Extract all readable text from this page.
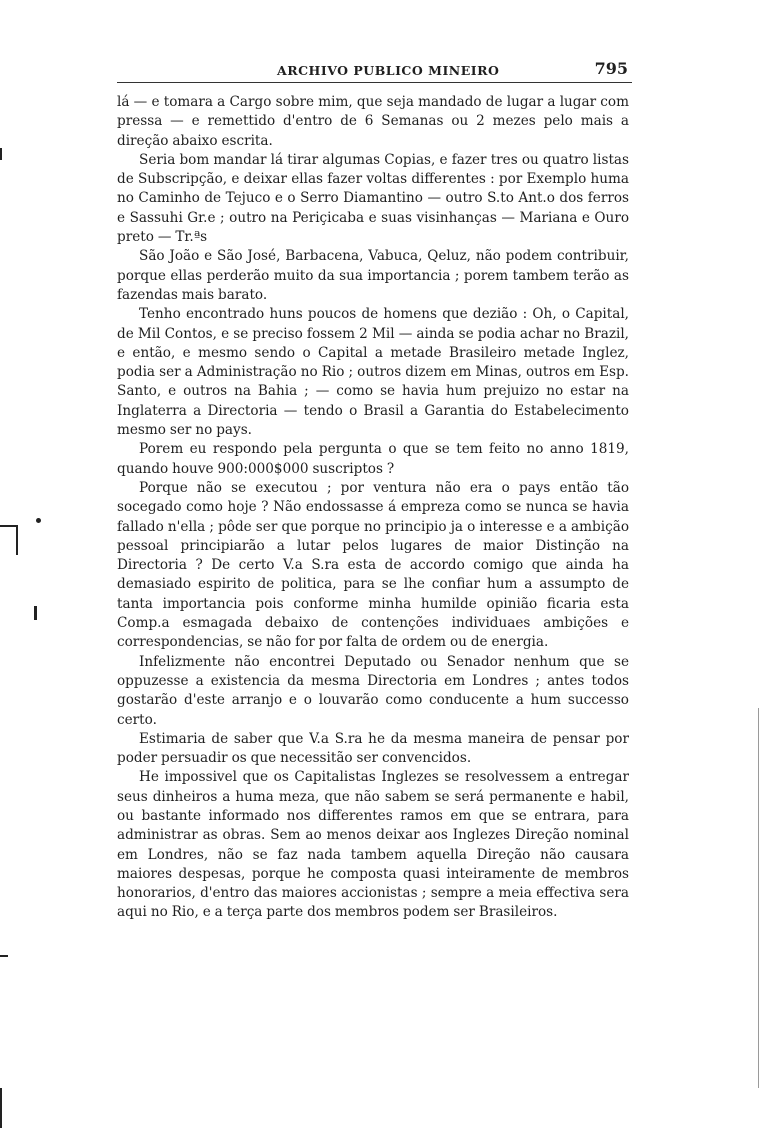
ARCHIVO PUBLICO MINEIRO	795

lá — e tomara a Cargo sobre mim, que seja mandado de lugar a lugar com pressa — e remettido d'entro de 6 Semanas ou 2 mezes pelo mais a direção abaixo escrita.

Seria bom mandar lá tirar algumas Copias, e fazer tres ou quatro listas de Subscripção, e deixar ellas fazer voltas differentes : por Exemplo huma no Caminho de Tejuco e o Serro Diamantino — outro S.to Ant.o dos ferros e Sassuhi Gr.e ; outro na Periçicaba e suas visinhanças — Mariana e Ouro preto — Tr.ªs

São João e São José, Barbacena, Vabuca, Qeluz, não podem contribuir, porque ellas perderão muito da sua importancia ; porem tambem terão as fazendas mais barato.

Tenho encontrado huns poucos de homens que dezião : Oh, o Capital, de Mil Contos, e se preciso fossem 2 Mil — ainda se podia achar no Brazil, e então, e mesmo sendo o Capital a metade Brasileiro metade Inglez, podia ser a Administração no Rio ; outros dizem em Minas, outros em Esp. Santo, e outros na Bahia ; — como se havia hum prejuizo no estar na Inglaterra a Directoria — tendo o Brasil a Garantia do Estabelecimento mesmo ser no pays.

Porem eu respondo pela pergunta o que se tem feito no anno 1819, quando houve 900:000$000 suscriptos ?

Porque não se executou ; por ventura não era o pays então tão socegado como hoje ? Não endossasse á empreza como se nunca se havia fallado n'ella ; pôde ser que porque no principio ja o interesse e a ambição pessoal principiarão a lutar pelos lugares de maior Distinção na Directoria ? De certo V.a S.ra esta de accordo comigo que ainda ha demasiado espirito de politica, para se lhe confiar hum a assumpto de tanta importancia pois conforme minha humilde opinião ficaria esta Comp.a esmagada debaixo de contenções individuaes ambições e correspondencias, se não for por falta de ordem ou de energia.

Infelizmente não encontrei Deputado ou Senador nenhum que se oppuzesse a existencia da mesma Directoria em Londres ; antes todos gostarão d'este arranjo e o louvarão como conducente a hum successo certo.

Estimaria de saber que V.a S.ra he da mesma maneira de pensar por poder persuadir os que necessitão ser convencidos.

He impossivel que os Capitalistas Inglezes se resolvessem a entregar seus dinheiros a huma meza, que não sabem se será permanente e habil, ou bastante informado nos differentes ramos em que se entrara, para administrar as obras. Sem ao menos deixar aos Inglezes Direção nominal em Londres, não se faz nada tambem aquella Direção não causara maiores despesas, porque he composta quasi inteiramente de membros honorarios, d'entro das maiores accionistas ; sempre a meia effectiva sera aqui no Rio, e a terça parte dos membros podem ser Brasileiros.
